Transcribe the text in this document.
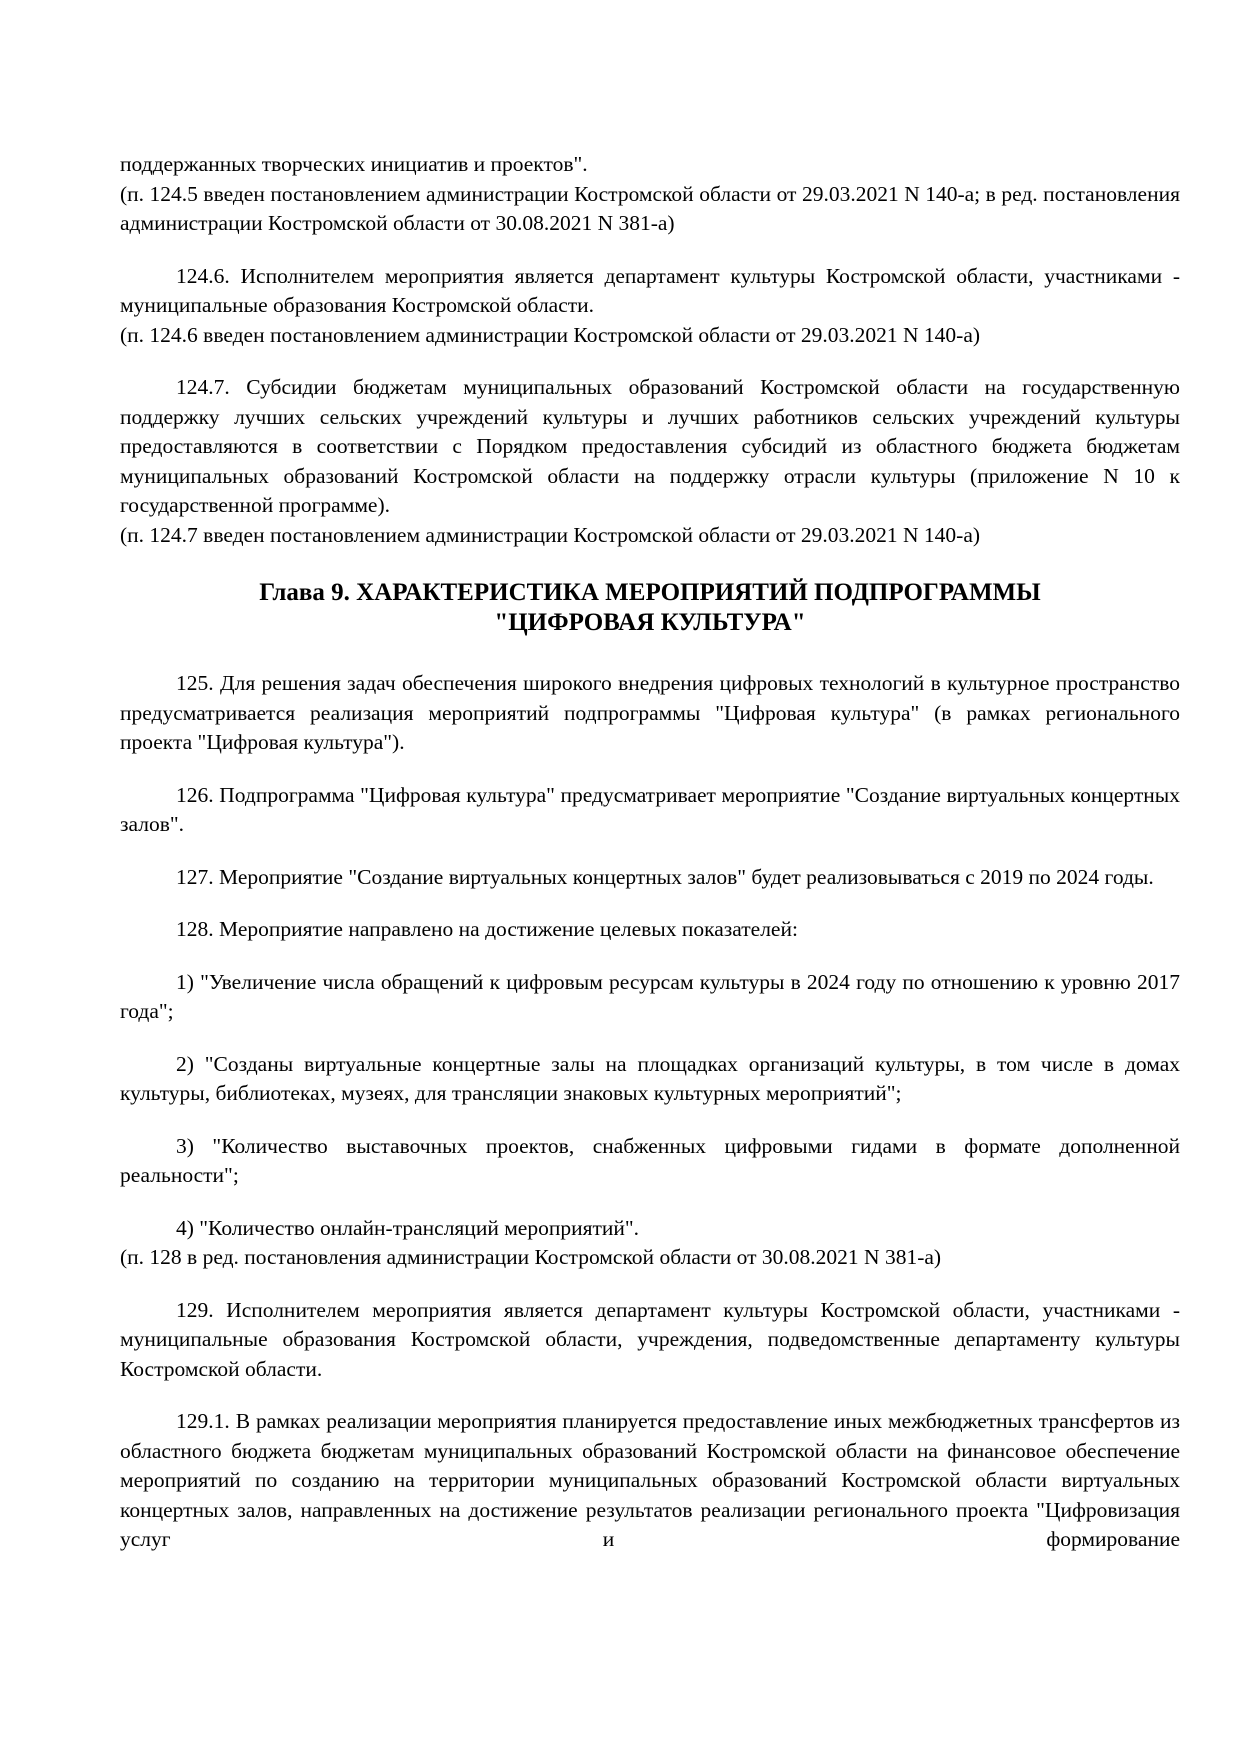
поддержанных творческих инициатив и проектов".

(п. 124.5 введен постановлением администрации Костромской области от 29.03.2021 N 140-а; в ред. постановления администрации Костромской области от 30.08.2021 N 381-а)

124.6. Исполнителем мероприятия является департамент культуры Костромской области, участниками - муниципальные образования Костромской области.

(п. 124.6 введен постановлением администрации Костромской области от 29.03.2021 N 140-а)

124.7. Субсидии бюджетам муниципальных образований Костромской области на государственную поддержку лучших сельских учреждений культуры и лучших работников сельских учреждений культуры предоставляются в соответствии с Порядком предоставления субсидий из областного бюджета бюджетам муниципальных образований Костромской области на поддержку отрасли культуры (приложение N 10 к государственной программе).

(п. 124.7 введен постановлением администрации Костромской области от 29.03.2021 N 140-а)

Глава 9. ХАРАКТЕРИСТИКА МЕРОПРИЯТИЙ ПОДПРОГРАММЫ
"ЦИФРОВАЯ КУЛЬТУРА"

125. Для решения задач обеспечения широкого внедрения цифровых технологий в культурное пространство предусматривается реализация мероприятий подпрограммы "Цифровая культура" (в рамках регионального проекта "Цифровая культура").

126. Подпрограмма "Цифровая культура" предусматривает мероприятие "Создание виртуальных концертных залов".

127. Мероприятие "Создание виртуальных концертных залов" будет реализовываться с 2019 по 2024 годы.

128. Мероприятие направлено на достижение целевых показателей:

1) "Увеличение числа обращений к цифровым ресурсам культуры в 2024 году по отношению к уровню 2017 года";

2) "Созданы виртуальные концертные залы на площадках организаций культуры, в том числе в домах культуры, библиотеках, музеях, для трансляции знаковых культурных мероприятий";

3) "Количество выставочных проектов, снабженных цифровыми гидами в формате дополненной реальности";

4) "Количество онлайн-трансляций мероприятий".

(п. 128 в ред. постановления администрации Костромской области от 30.08.2021 N 381-а)

129. Исполнителем мероприятия является департамент культуры Костромской области, участниками - муниципальные образования Костромской области, учреждения, подведомственные департаменту культуры Костромской области.

129.1. В рамках реализации мероприятия планируется предоставление иных межбюджетных трансфертов из областного бюджета бюджетам муниципальных образований Костромской области на финансовое обеспечение мероприятий по созданию на территории муниципальных образований Костромской области виртуальных концертных залов, направленных на достижение результатов реализации регионального проекта "Цифровизация услуг и формирование
